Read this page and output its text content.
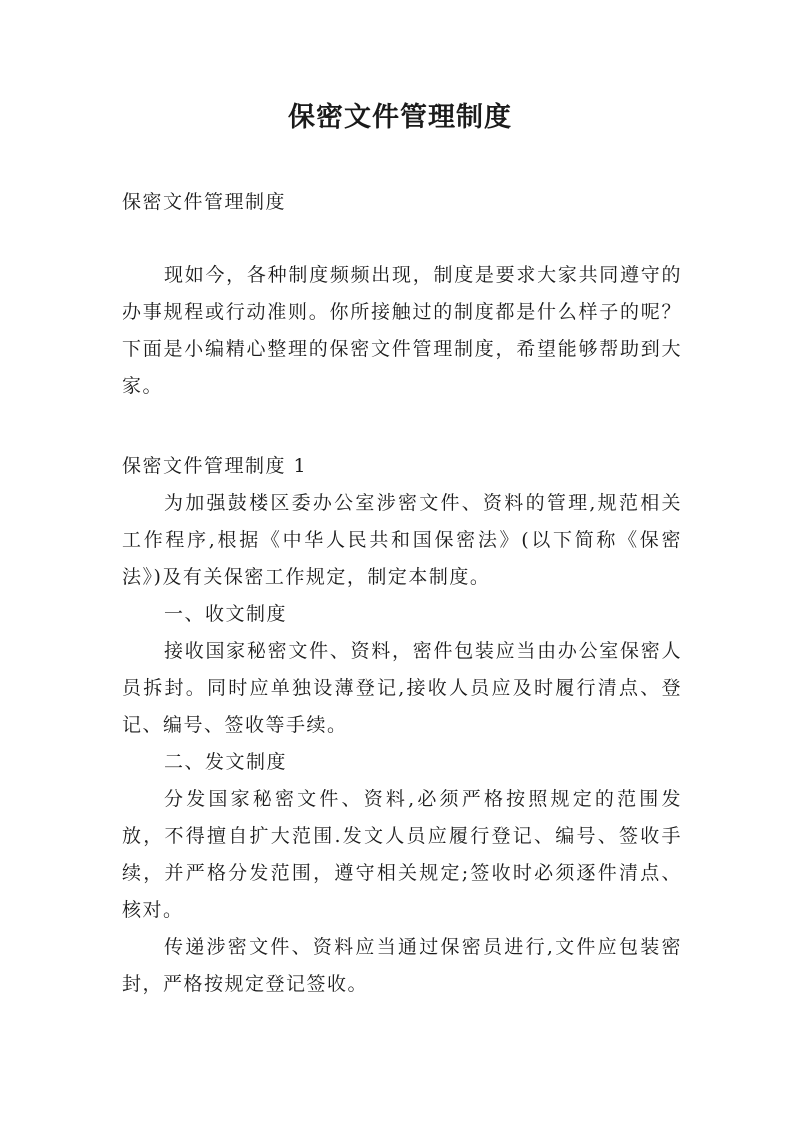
保密文件管理制度

保密文件管理制度

现如今，各种制度频频出现，制度是要求大家共同遵守的办事规程或行动准则。你所接触过的制度都是什么样子的呢？下面是小编精心整理的保密文件管理制度，希望能够帮助到大家。

保密文件管理制度 1

为加强鼓楼区委办公室涉密文件、资料的管理,规范相关工作程序,根据《中华人民共和国保密法》(以下简称《保密法》)及有关保密工作规定，制定本制度。

一、收文制度

接收国家秘密文件、资料，密件包装应当由办公室保密人员拆封。同时应单独设薄登记,接收人员应及时履行清点、登记、编号、签收等手续。

二、发文制度

分发国家秘密文件、资料,必须严格按照规定的范围发放，不得擅自扩大范围.发文人员应履行登记、编号、签收手续，并严格分发范围，遵守相关规定;签收时必须逐件清点、核对。

传递涉密文件、资料应当通过保密员进行,文件应包装密封，严格按规定登记签收。
